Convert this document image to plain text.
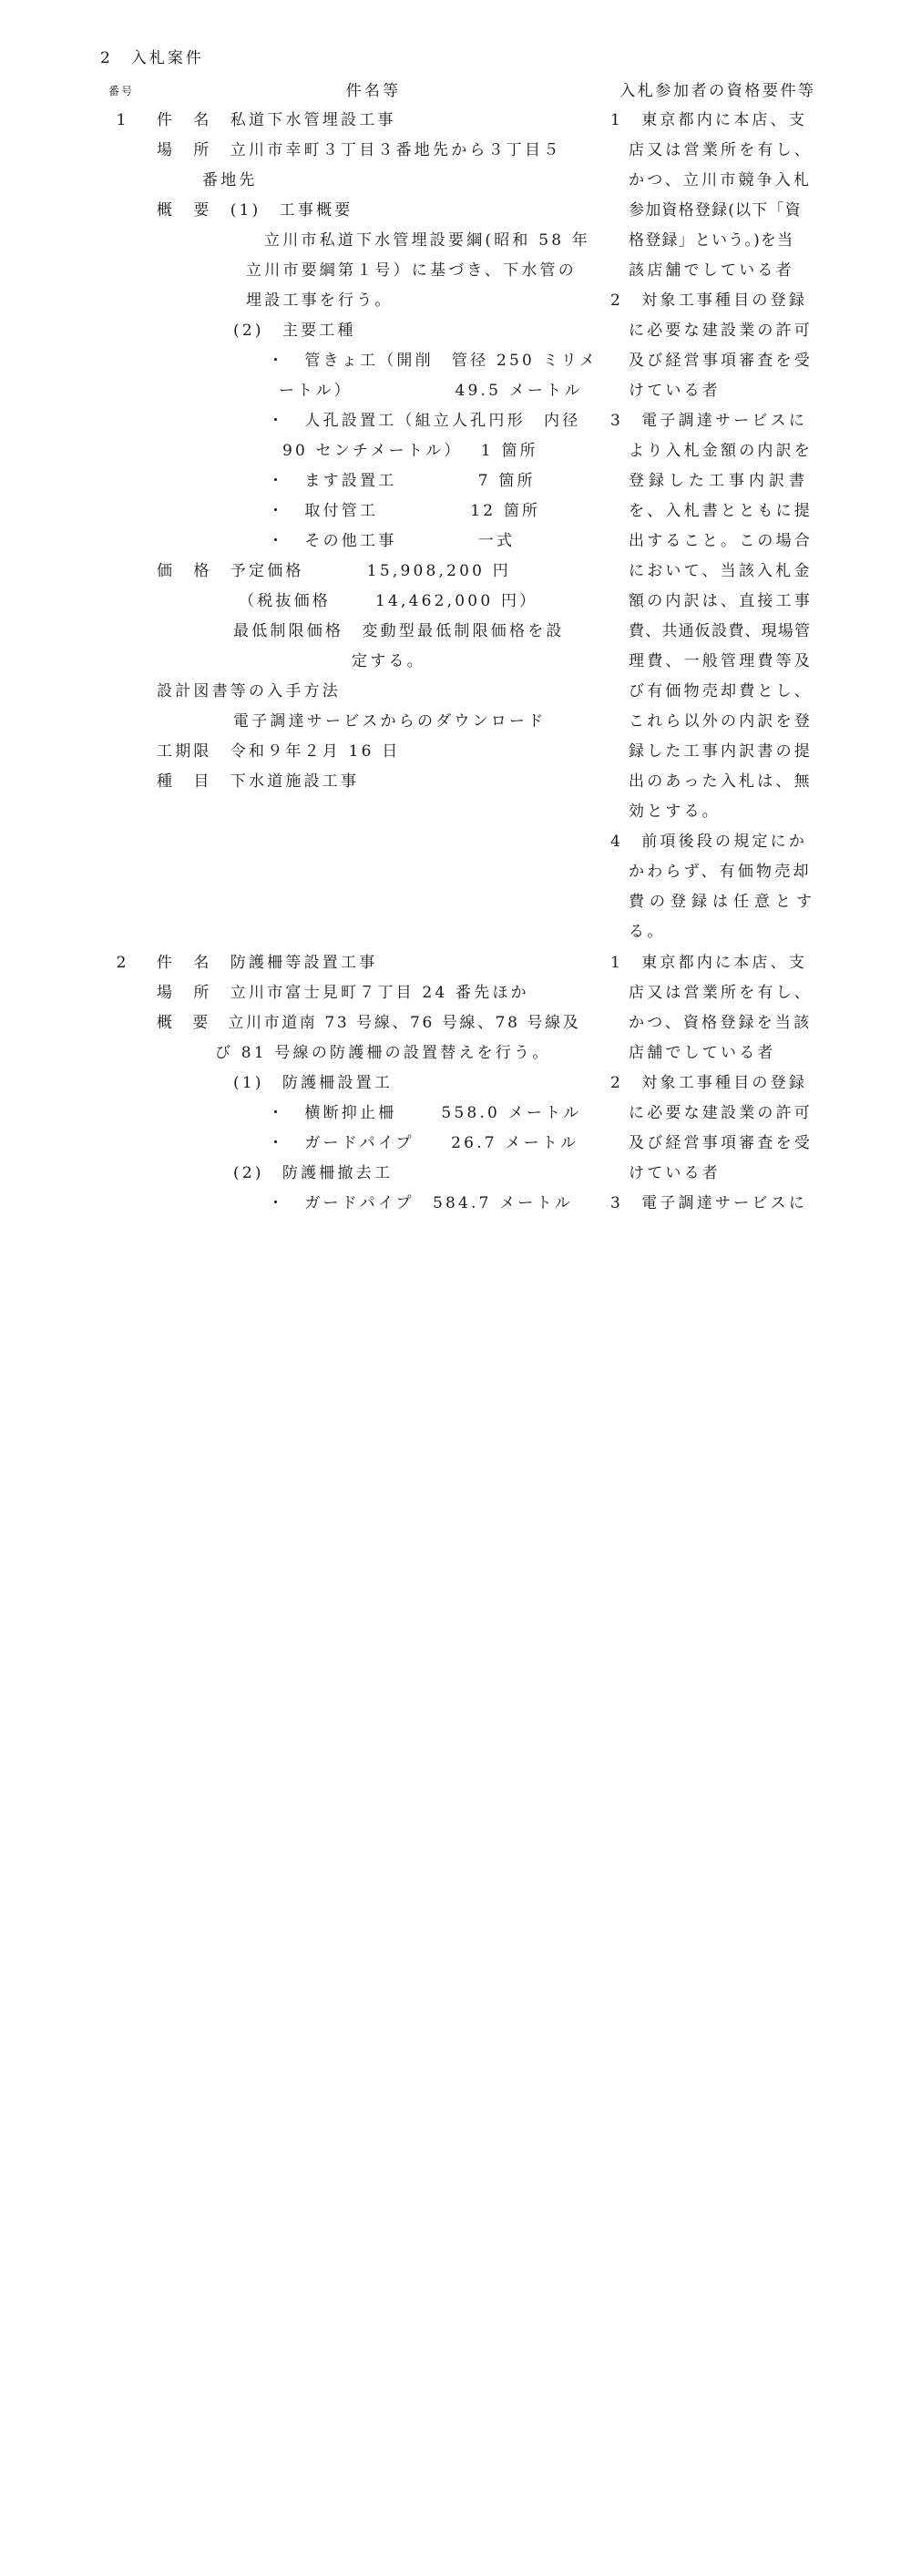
2　入札案件
番号	件名等	入札参加者の資格要件等
1
2
件　名　私道下水管埋設工事
場　所　立川市幸町３丁目３番地先から３丁目５
番地先
概　要　(1)　工事概要
立川市私道下水管埋設要綱(昭和 58 年
立川市要綱第１号）に基づき、下水管の
埋設工事を行う。
(2)　主要工種
・　管きょ工（開削　管径 250 ミリメ
ートル）　　　　　　49.5 メートル
・　人孔設置工（組立人孔円形　内径
90 センチメートル）　 1 箇所
・　ます設置工　　　　 7 箇所
・　取付管工　　　　　12 箇所
・　その他工事　　　　 一式
価　格　予定価格　　　 15,908,200 円
（税抜価格　　 14,462,000 円）
最低制限価格　変動型最低制限価格を設
定する。
設計図書等の入手方法
電子調達サービスからのダウンロード
工期限　令和９年２月 16 日
種　目　下水道施設工事
1　東京都内に本店、支
店又は営業所を有し、
かつ、立川市競争入札
参加資格登録(以下「資
格登録」という。)を当
該店舗でしている者
2　対象工事種目の登録
に必要な建設業の許可
及び経営事項審査を受
けている者
3　電子調達サービスに
より入札金額の内訳を
登録した工事内訳書
を、入札書とともに提
出すること。この場合
において、当該入札金
額の内訳は、直接工事
費、共通仮設費、現場管
理費、一般管理費等及
び有価物売却費とし、
これら以外の内訳を登
録した工事内訳書の提
出のあった入札は、無
効とする。
4　前項後段の規定にか
かわらず、有価物売却
費の登録は任意とす
る。
件　名　防護柵等設置工事
場　所　立川市富士見町７丁目 24 番先ほか
概　要　立川市道南 73 号線、76 号線、78 号線及
び 81 号線の防護柵の設置替えを行う。
(1)　防護柵設置工
・　横断抑止柵　　 558.0 メートル
・　ガードパイプ　　26.7 メートル
(2)　防護柵撤去工
・　ガードパイプ　584.7 メートル
1　東京都内に本店、支
店又は営業所を有し、
かつ、資格登録を当該
店舗でしている者
2　対象工事種目の登録
に必要な建設業の許可
及び経営事項審査を受
けている者
3　電子調達サービスに
